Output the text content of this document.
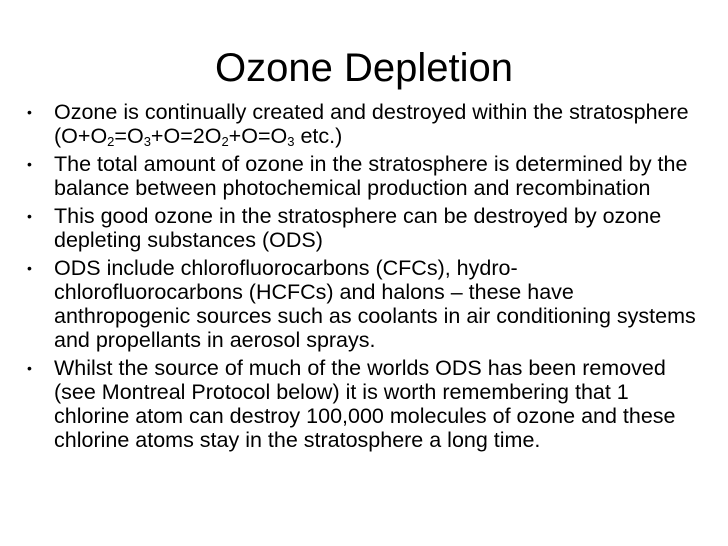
Ozone Depletion
• Ozone is continually created and destroyed within the stratosphere ($O+O_2=O_3+O=2O_2+O=O_3$ etc.)
• The total amount of ozone in the stratosphere is determined by the balance between photochemical production and recombination
• This good ozone in the stratosphere can be destroyed by ozone depleting substances (ODS)
• ODS include chlorofluorocarbons (CFCs), hydro-chlorofluorocarbons (HCFCs) and halons – these have anthropogenic sources such as coolants in air conditioning systems and propellants in aerosol sprays.
• Whilst the source of much of the worlds ODS has been removed (see Montreal Protocol below) it is worth remembering that 1 chlorine atom can destroy 100,000 molecules of ozone and these chlorine atoms stay in the stratosphere a long time.
